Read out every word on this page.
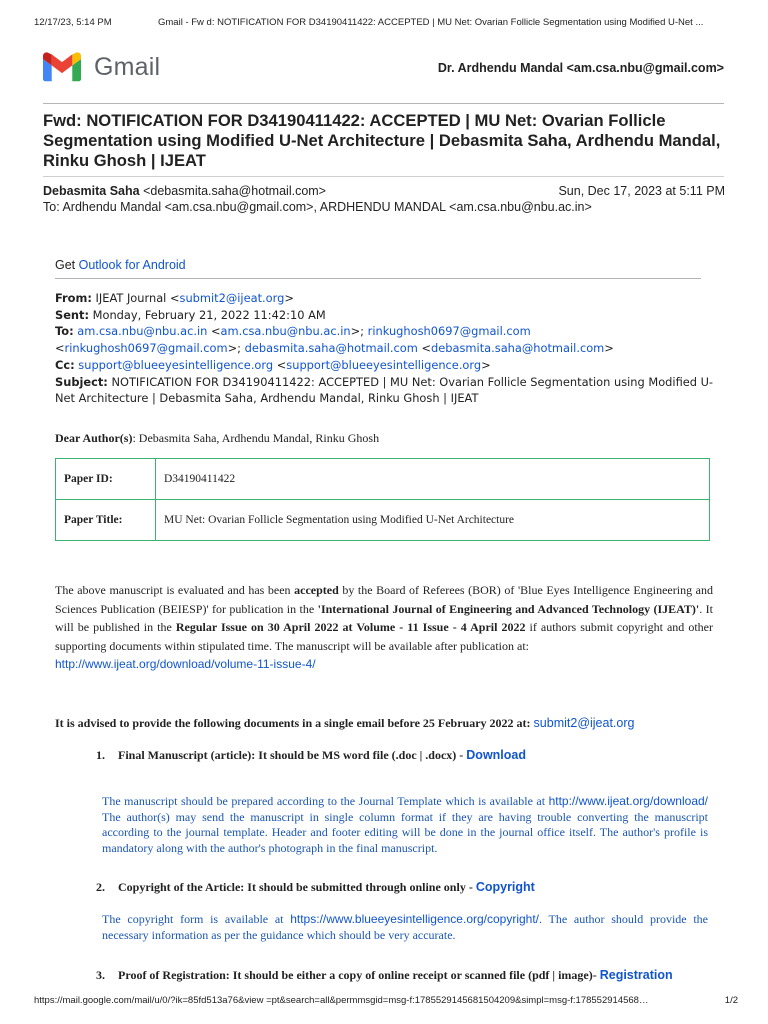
12/17/23, 5:14 PM	Gmail - Fw d: NOTIFICATION FOR D34190411422: ACCEPTED | MU Net: Ovarian Follicle Segmentation using Modified U-Net ...
Gmail	Dr. Ardhendu Mandal <am.csa.nbu@gmail.com>
Fwd: NOTIFICATION FOR D34190411422: ACCEPTED | MU Net: Ovarian Follicle Segmentation using Modified U-Net Architecture | Debasmita Saha, Ardhendu Mandal, Rinku Ghosh | IJEAT
Debasmita Saha <debasmita.saha@hotmail.com>	Sun, Dec 17, 2023 at 5:11 PM
To: Ardhendu Mandal <am.csa.nbu@gmail.com>, ARDHENDU MANDAL <am.csa.nbu@nbu.ac.in>
Get Outlook for Android
From: IJEAT Journal <submit2@ijeat.org>
Sent: Monday, February 21, 2022 11:42:10 AM
To: am.csa.nbu@nbu.ac.in <am.csa.nbu@nbu.ac.in>; rinkughosh0697@gmail.com
<rinkughosh0697@gmail.com>; debasmita.saha@hotmail.com <debasmita.saha@hotmail.com>
Cc: support@blueeyesintelligence.org <support@blueeyesintelligence.org>
Subject: NOTIFICATION FOR D34190411422: ACCEPTED | MU Net: Ovarian Follicle Segmentation using Modified U-Net Architecture | Debasmita Saha, Ardhendu Mandal, Rinku Ghosh | IJEAT
Dear Author(s): Debasmita Saha, Ardhendu Mandal, Rinku Ghosh
Paper ID:	D34190411422
Paper Title:	MU Net: Ovarian Follicle Segmentation using Modified U-Net Architecture
The above manuscript is evaluated and has been accepted by the Board of Referees (BOR) of 'Blue Eyes Intelligence Engineering and Sciences Publication (BEIESP)' for publication in the 'International Journal of Engineering and Advanced Technology (IJEAT)'. It will be published in the Regular Issue on 30 April 2022 at Volume - 11 Issue - 4 April 2022 if authors submit copyright and other supporting documents within stipulated time. The manuscript will be available after publication at:
http://www.ijeat.org/download/volume-11-issue-4/
It is advised to provide the following documents in a single email before 25 February 2022 at: submit2@ijeat.org
1. Final Manuscript (article): It should be MS word file (.doc | .docx) - Download
The manuscript should be prepared according to the Journal Template which is available at http://www.ijeat.org/download/ The author(s) may send the manuscript in single column format if they are having trouble converting the manuscript according to the journal template. Header and footer editing will be done in the journal office itself. The author's profile is mandatory along with the author's photograph in the final manuscript.
2. Copyright of the Article: It should be submitted through online only - Copyright
The copyright form is available at https://www.blueeyesintelligence.org/copyright/. The author should provide the necessary information as per the guidance which should be very accurate.
3. Proof of Registration: It should be either a copy of online receipt or scanned file (pdf | image)- Registration
https://mail.google.com/mail/u/0/?ik=85fd513a76&view =pt&search=all&permmsgid=msg-f:1785529145681504209&simpl=msg-f:178552914568…	1/2
